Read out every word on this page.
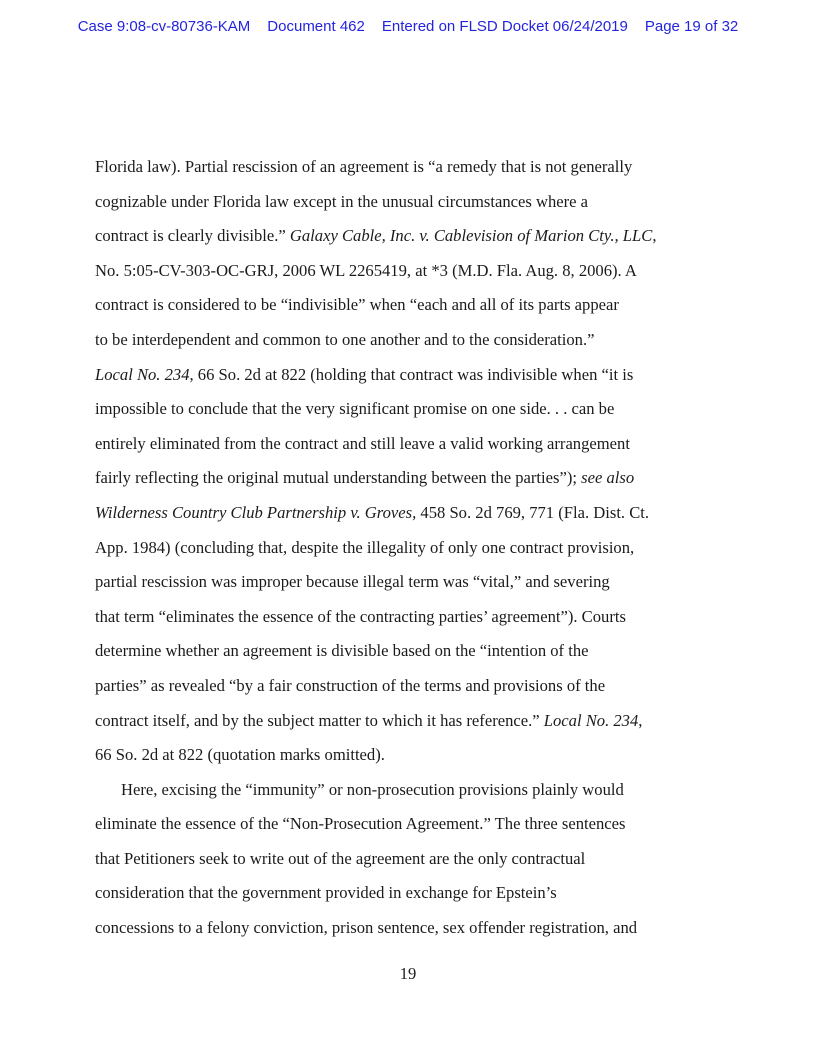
Case 9:08-cv-80736-KAM Document 462 Entered on FLSD Docket 06/24/2019 Page 19 of 32
Florida law). Partial rescission of an agreement is “a remedy that is not generally
cognizable under Florida law except in the unusual circumstances where a
contract is clearly divisible.” Galaxy Cable, Inc. v. Cablevision of Marion Cty., LLC,
No. 5:05-CV-303-OC-GRJ, 2006 WL 2265419, at *3 (M.D. Fla. Aug. 8, 2006). A
contract is considered to be “indivisible” when “each and all of its parts appear
to be interdependent and common to one another and to the consideration.”
Local No. 234, 66 So. 2d at 822 (holding that contract was indivisible when “it is
impossible to conclude that the very significant promise on one side. . . can be
entirely eliminated from the contract and still leave a valid working arrangement
fairly reflecting the original mutual understanding between the parties”); see also
Wilderness Country Club Partnership v. Groves, 458 So. 2d 769, 771 (Fla. Dist. Ct.
App. 1984) (concluding that, despite the illegality of only one contract provision,
partial rescission was improper because illegal term was “vital,” and severing
that term “eliminates the essence of the contracting parties’ agreement”). Courts
determine whether an agreement is divisible based on the “intention of the
parties” as revealed “by a fair construction of the terms and provisions of the
contract itself, and by the subject matter to which it has reference.” Local No. 234,
66 So. 2d at 822 (quotation marks omitted).
Here, excising the “immunity” or non-prosecution provisions plainly would
eliminate the essence of the “Non-Prosecution Agreement.” The three sentences
that Petitioners seek to write out of the agreement are the only contractual
consideration that the government provided in exchange for Epstein’s
concessions to a felony conviction, prison sentence, sex offender registration, and
19
